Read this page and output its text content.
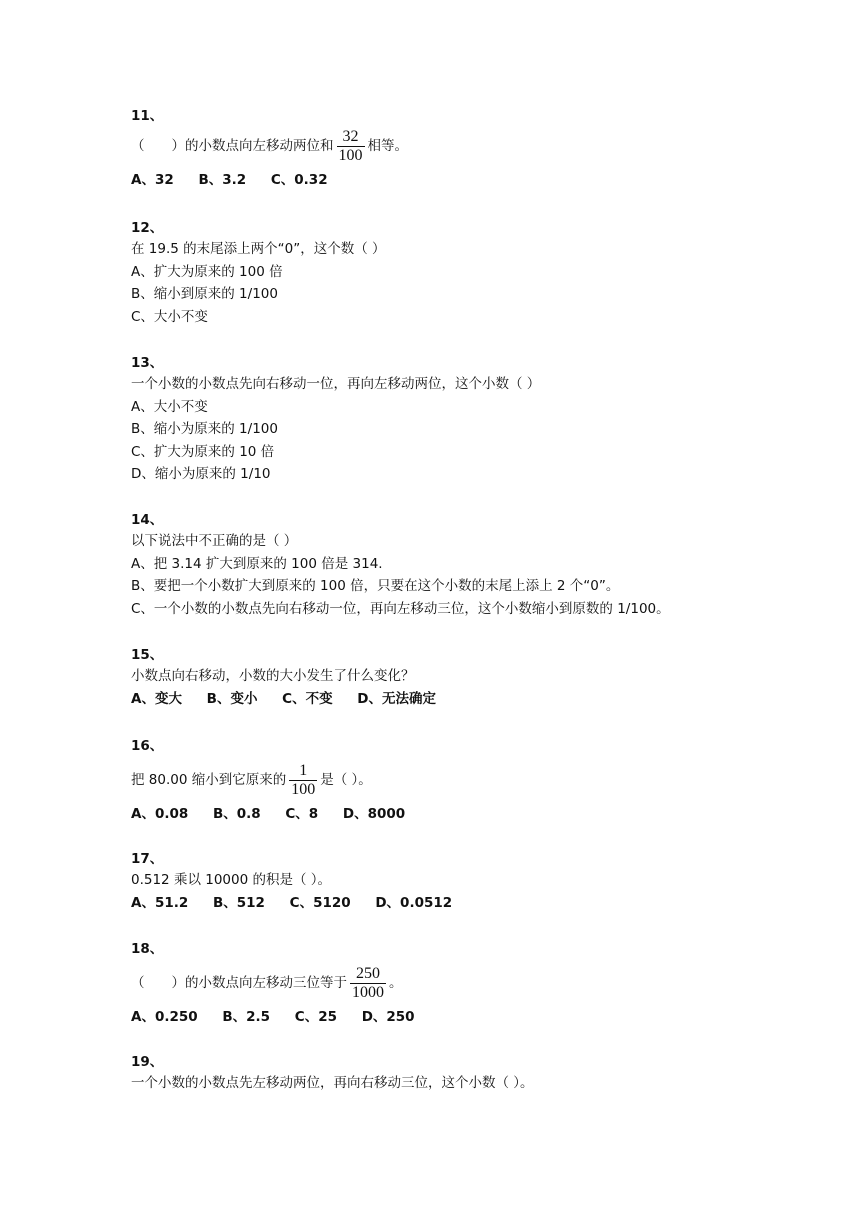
11、
（　　）的小数点向左移动两位和 $\frac{32}{100}$ 相等。
A、32 B、3.2 C、0.32
12、
在 19.5 的末尾添上两个“0”，这个数（ ）
A、扩大为原来的 100 倍
B、缩小到原来的 1/100
C、大小不变
13、
一个小数的小数点先向右移动一位，再向左移动两位，这个小数（ ）
A、大小不变
B、缩小为原来的 1/100
C、扩大为原来的 10 倍
D、缩小为原来的 1/10
14、
以下说法中不正确的是（ ）
A、把 3.14 扩大到原来的 100 倍是 314.
B、要把一个小数扩大到原来的 100 倍，只要在这个小数的末尾上添上 2 个“0”。
C、一个小数的小数点先向右移动一位，再向左移动三位，这个小数缩小到原数的 1/100。
15、
小数点向右移动，小数的大小发生了什么变化？
A、变大 B、变小 C、不变 D、无法确定
16、
把 80.00 缩小到它原来的 $\frac{1}{100}$ 是（ ）。
A、0.08 B、0.8 C、8 D、8000
17、
0.512 乘以 10000 的积是（ ）。
A、51.2 B、512 C、5120 D、0.0512
18、
（　　）的小数点向左移动三位等于 $\frac{250}{1000}$ 。
A、0.250 B、2.5 C、25 D、250
19、
一个小数的小数点先左移动两位，再向右移动三位，这个小数（ ）。
